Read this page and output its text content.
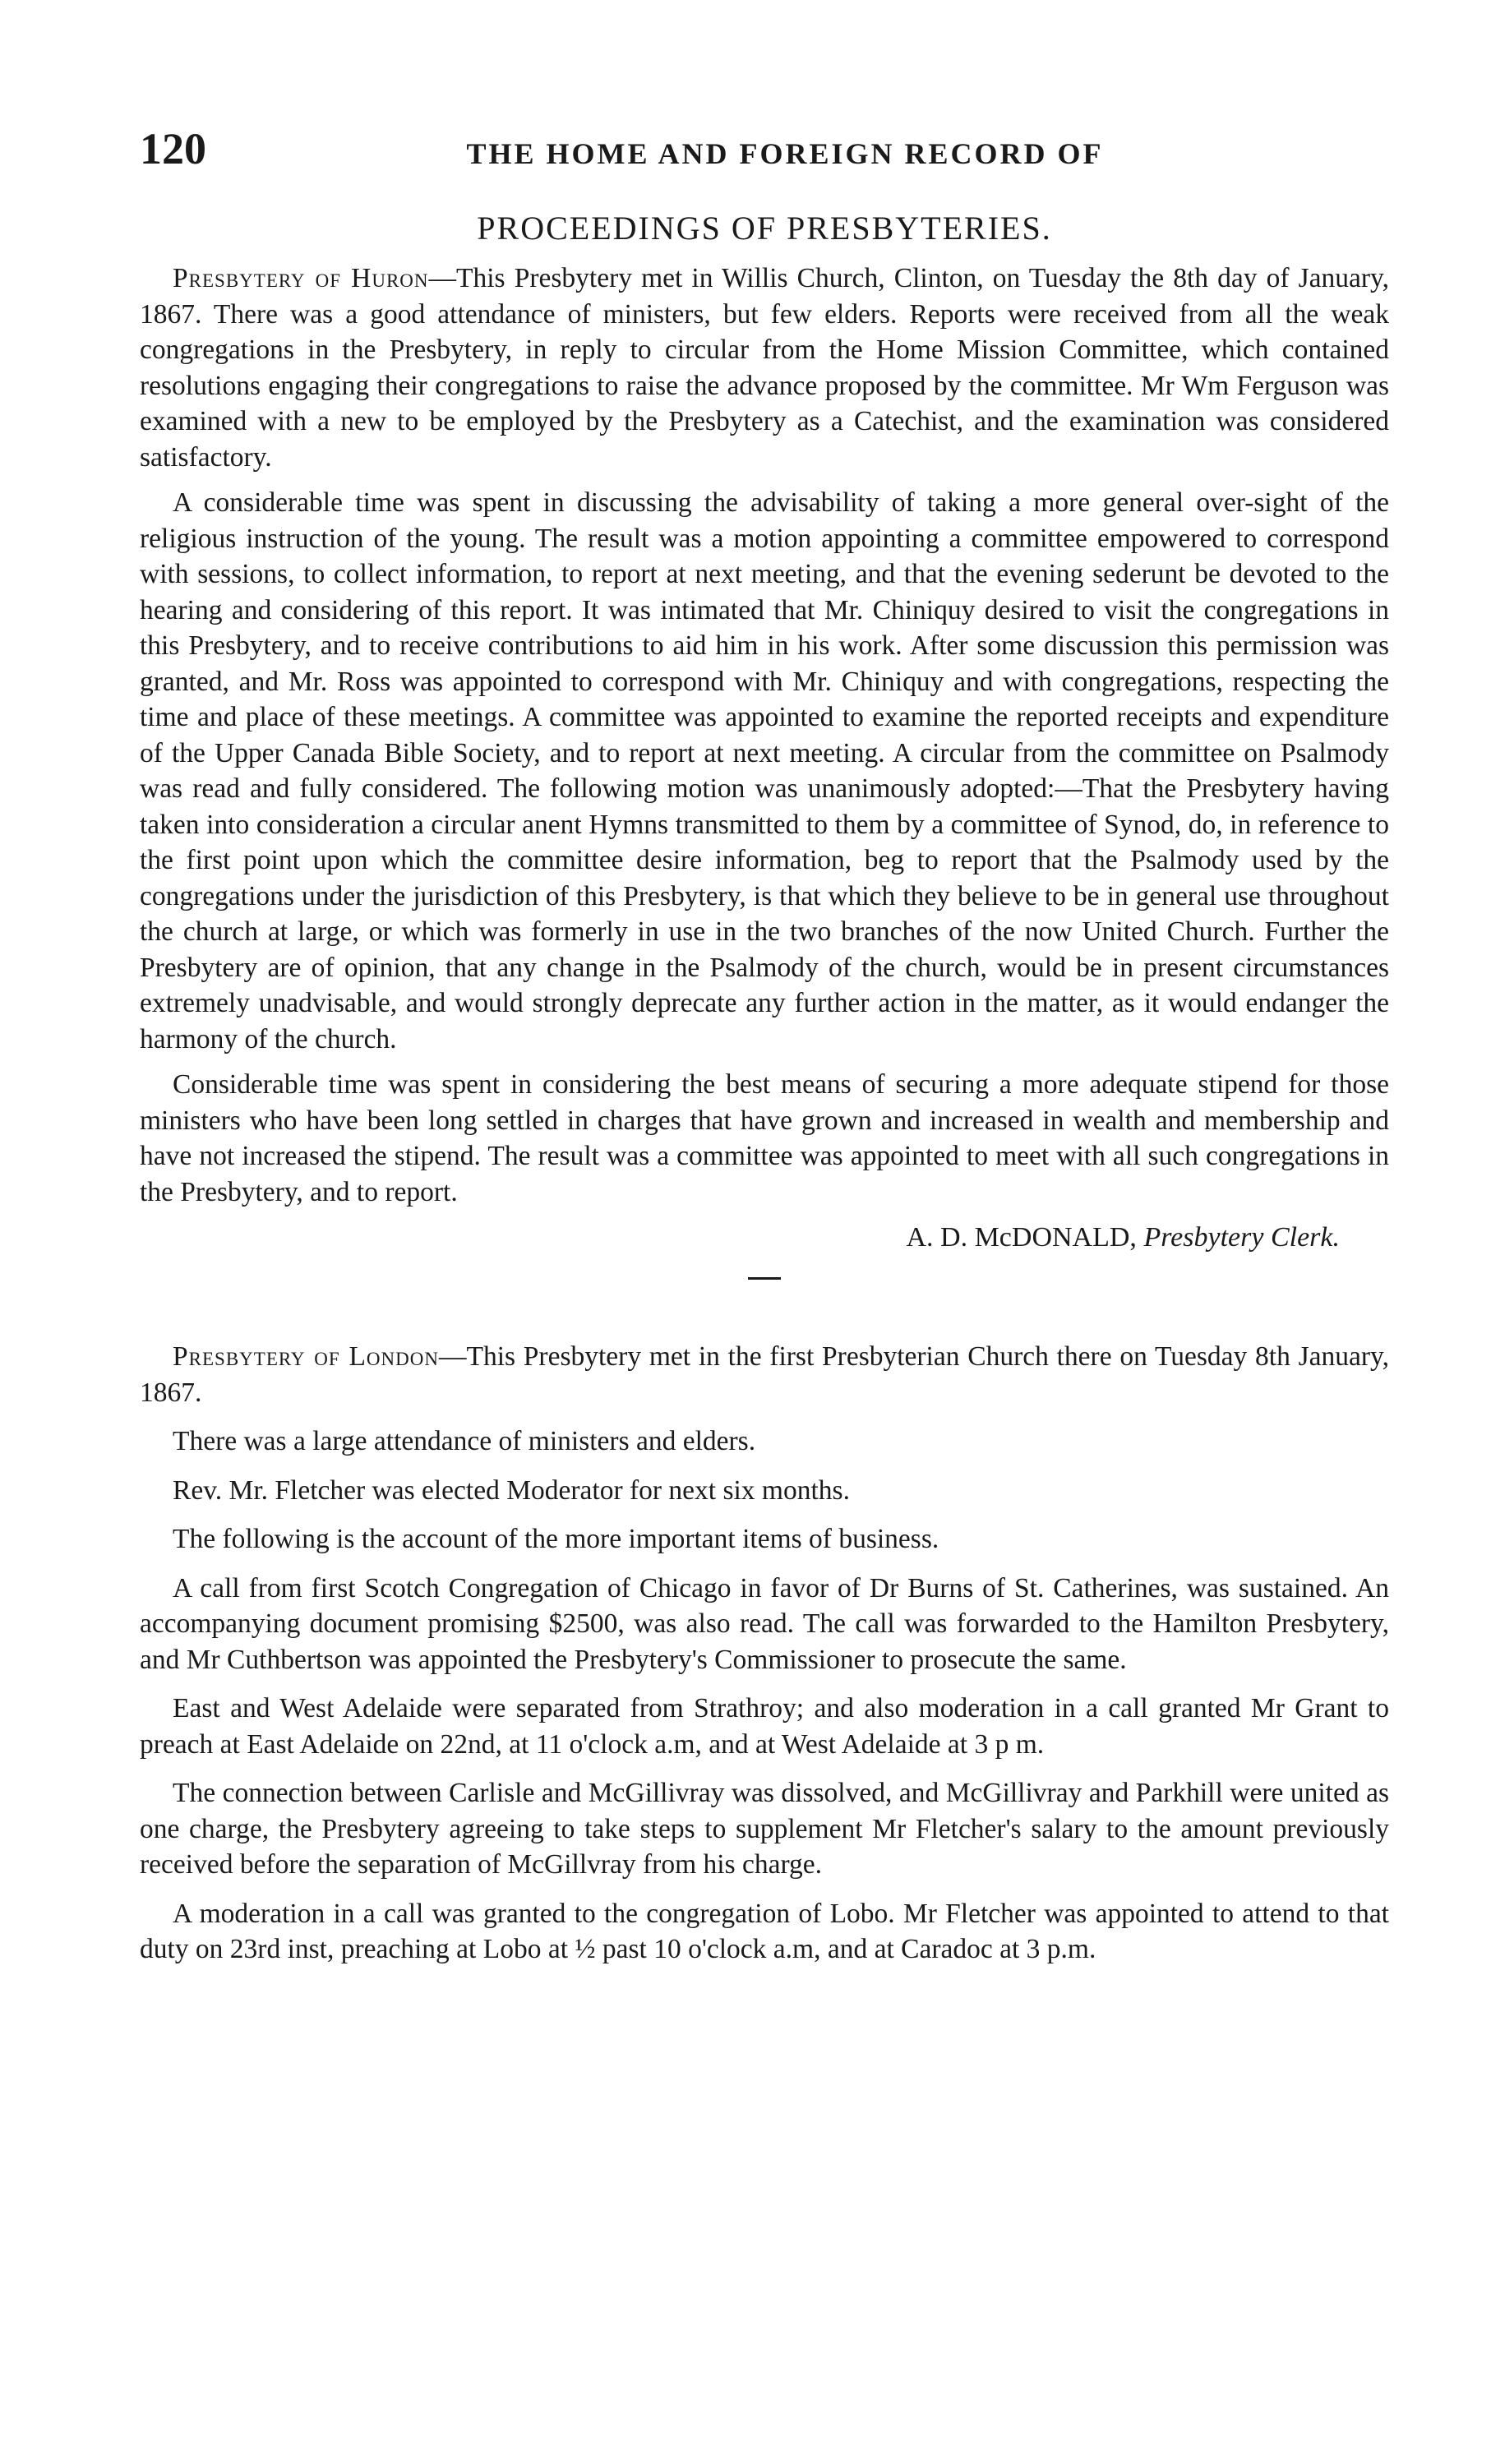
120	THE HOME AND FOREIGN RECORD OF
PROCEEDINGS OF PRESBYTERIES.

Presbytery of Huron—This Presbytery met in Willis Church, Clinton, on Tuesday the 8th day of January, 1867. There was a good attendance of ministers, but few elders. Reports were received from all the weak congregations in the Presbytery, in reply to circular from the Home Mission Committee, which contained resolutions engaging their congregations to raise the advance proposed by the committee. Mr Wm Ferguson was examined with a new to be employed by the Presbytery as a Catechist, and the examination was considered satisfactory.

A considerable time was spent in discussing the advisability of taking a more general over-sight of the religious instruction of the young. The result was a motion appointing a committee empowered to correspond with sessions, to collect information, to report at next meeting, and that the evening sederunt be devoted to the hearing and considering of this report. It was intimated that Mr. Chiniquy desired to visit the congregations in this Presbytery, and to receive contributions to aid him in his work. After some discussion this permission was granted, and Mr. Ross was appointed to correspond with Mr. Chiniquy and with congregations, respecting the time and place of these meetings. A committee was appointed to examine the reported receipts and expenditure of the Upper Canada Bible Society, and to report at next meeting. A circular from the committee on Psalmody was read and fully considered. The following motion was unanimously adopted:—That the Presbytery having taken into consideration a circular anent Hymns transmitted to them by a committee of Synod, do, in reference to the first point upon which the committee desire information, beg to report that the Psalmody used by the congregations under the jurisdiction of this Presbytery, is that which they believe to be in general use throughout the church at large, or which was formerly in use in the two branches of the now United Church. Further the Presbytery are of opinion, that any change in the Psalmody of the church, would be in present circumstances extremely unadvisable, and would strongly deprecate any further action in the matter, as it would endanger the harmony of the church.

Considerable time was spent in considering the best means of securing a more adequate stipend for those ministers who have been long settled in charges that have grown and increased in wealth and membership and have not increased the stipend. The result was a committee was appointed to meet with all such congregations in the Presbytery, and to report.

A. D. McDONALD, Presbytery Clerk.

Presbytery of London—This Presbytery met in the first Presbyterian Church there on Tuesday 8th January, 1867.

There was a large attendance of ministers and elders.

Rev. Mr. Fletcher was elected Moderator for next six months.

The following is the account of the more important items of business.

A call from first Scotch Congregation of Chicago in favor of Dr Burns of St. Catherines, was sustained. An accompanying document promising $2500, was also read. The call was forwarded to the Hamilton Presbytery, and Mr Cuthbertson was appointed the Presbytery's Commissioner to prosecute the same.

East and West Adelaide were separated from Strathroy; and also moderation in a call granted Mr Grant to preach at East Adelaide on 22nd, at 11 o'clock a.m, and at West Adelaide at 3 p m.

The connection between Carlisle and McGillivray was dissolved, and McGillivray and Parkhill were united as one charge, the Presbytery agreeing to take steps to supplement Mr Fletcher's salary to the amount previously received before the separation of McGillvray from his charge.

A moderation in a call was granted to the congregation of Lobo. Mr Fletcher was appointed to attend to that duty on 23rd inst, preaching at Lobo at ½ past 10 o'clock a.m, and at Caradoc at 3 p.m.
